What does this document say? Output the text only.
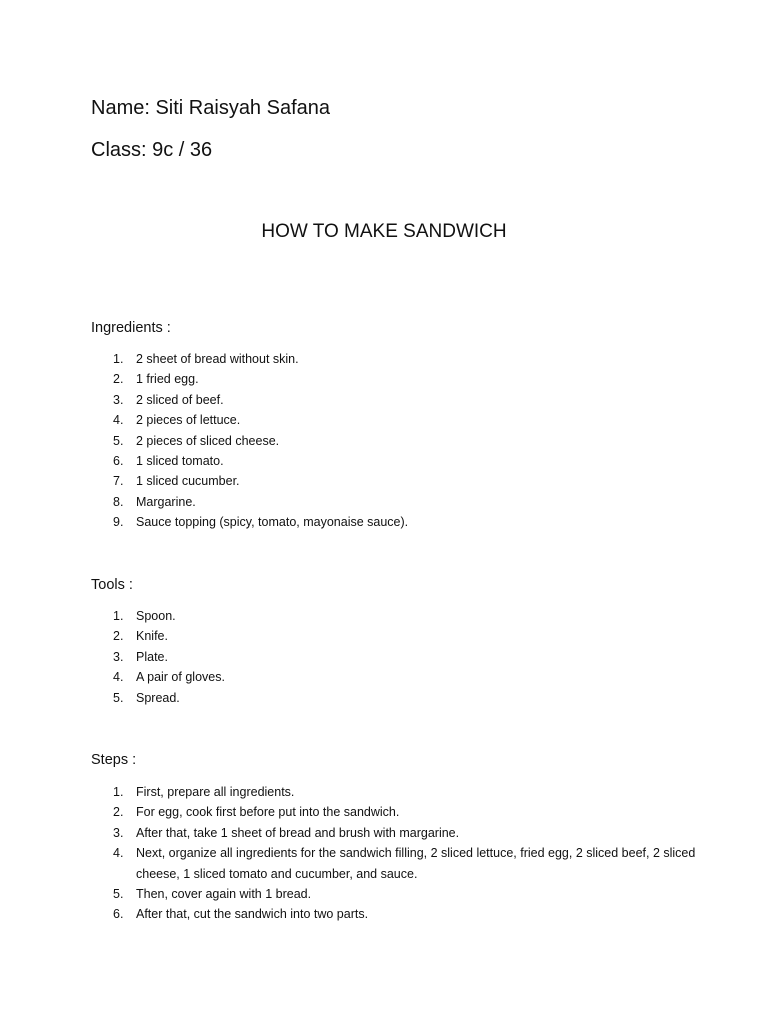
Name: Siti Raisyah Safana
Class: 9c / 36
HOW TO MAKE SANDWICH
Ingredients :
1. 2 sheet of bread without skin.
2. 1 fried egg.
3. 2 sliced of beef.
4. 2 pieces of lettuce.
5. 2 pieces of sliced cheese.
6. 1 sliced tomato.
7. 1 sliced cucumber.
8. Margarine.
9. Sauce topping (spicy, tomato, mayonaise sauce).
Tools :
1. Spoon.
2. Knife.
3. Plate.
4. A pair of gloves.
5. Spread.
Steps :
1. First, prepare all ingredients.
2. For egg, cook first before put into the sandwich.
3. After that, take 1 sheet of bread and brush with margarine.
4. Next, organize all ingredients for the sandwich filling, 2 sliced lettuce, fried egg, 2 sliced beef, 2 sliced cheese, 1 sliced tomato and cucumber, and sauce.
5. Then, cover again with 1 bread.
6. After that, cut the sandwich into two parts.
